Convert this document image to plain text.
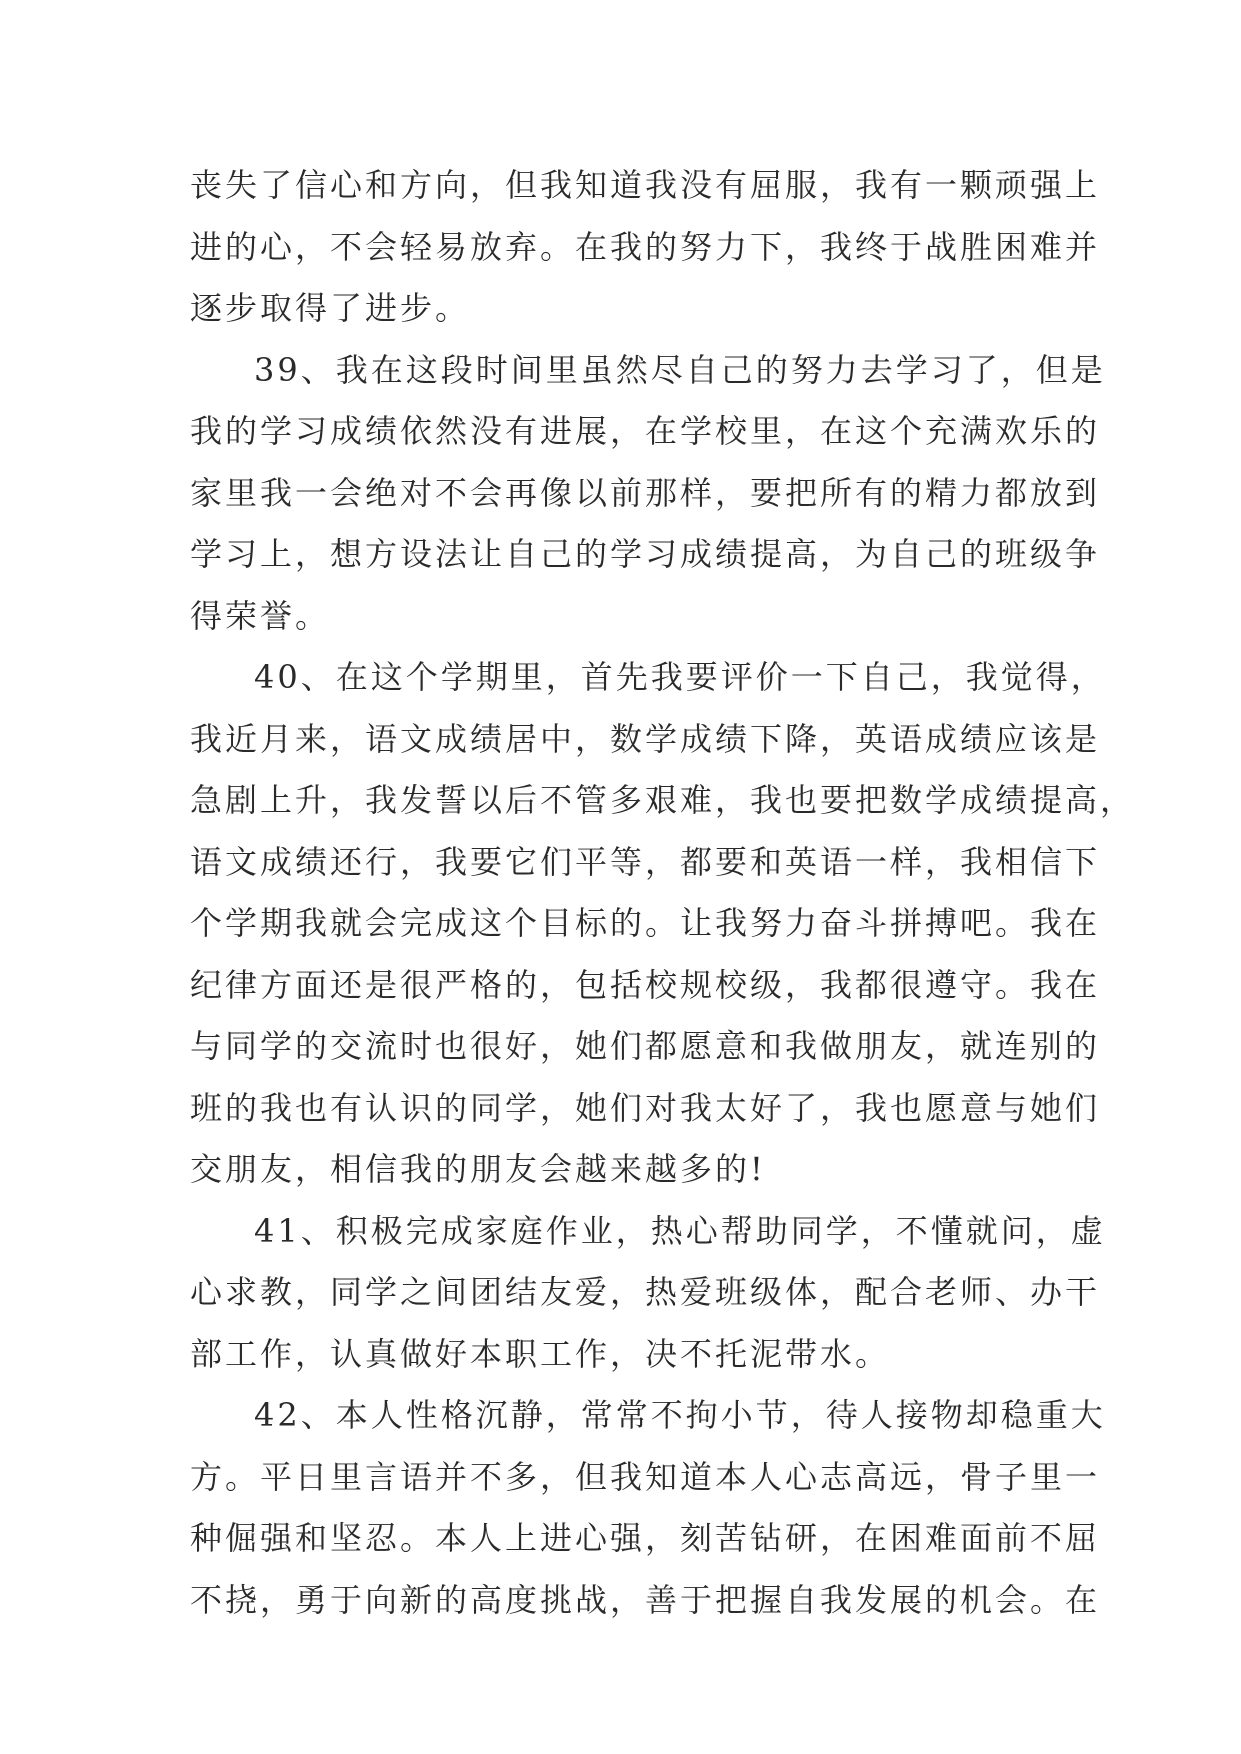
丧失了信心和方向，但我知道我没有屈服，我有一颗顽强上
进的心，不会轻易放弃。在我的努力下，我终于战胜困难并
逐步取得了进步。
39、我在这段时间里虽然尽自己的努力去学习了，但是
我的学习成绩依然没有进展，在学校里，在这个充满欢乐的
家里我一会绝对不会再像以前那样，要把所有的精力都放到
学习上，想方设法让自己的学习成绩提高，为自己的班级争
得荣誉。
40、在这个学期里，首先我要评价一下自己，我觉得，
我近月来，语文成绩居中，数学成绩下降，英语成绩应该是
急剧上升，我发誓以后不管多艰难，我也要把数学成绩提高，
语文成绩还行，我要它们平等，都要和英语一样，我相信下
个学期我就会完成这个目标的。让我努力奋斗拼搏吧。我在
纪律方面还是很严格的，包括校规校级，我都很遵守。我在
与同学的交流时也很好，她们都愿意和我做朋友，就连别的
班的我也有认识的同学，她们对我太好了，我也愿意与她们
交朋友，相信我的朋友会越来越多的!
41、积极完成家庭作业，热心帮助同学，不懂就问，虚
心求教，同学之间团结友爱，热爱班级体，配合老师、办干
部工作，认真做好本职工作，决不托泥带水。
42、本人性格沉静，常常不拘小节，待人接物却稳重大
方。平日里言语并不多，但我知道本人心志高远，骨子里一
种倔强和坚忍。本人上进心强，刻苦钻研，在困难面前不屈
不挠，勇于向新的高度挑战，善于把握自我发展的机会。在
